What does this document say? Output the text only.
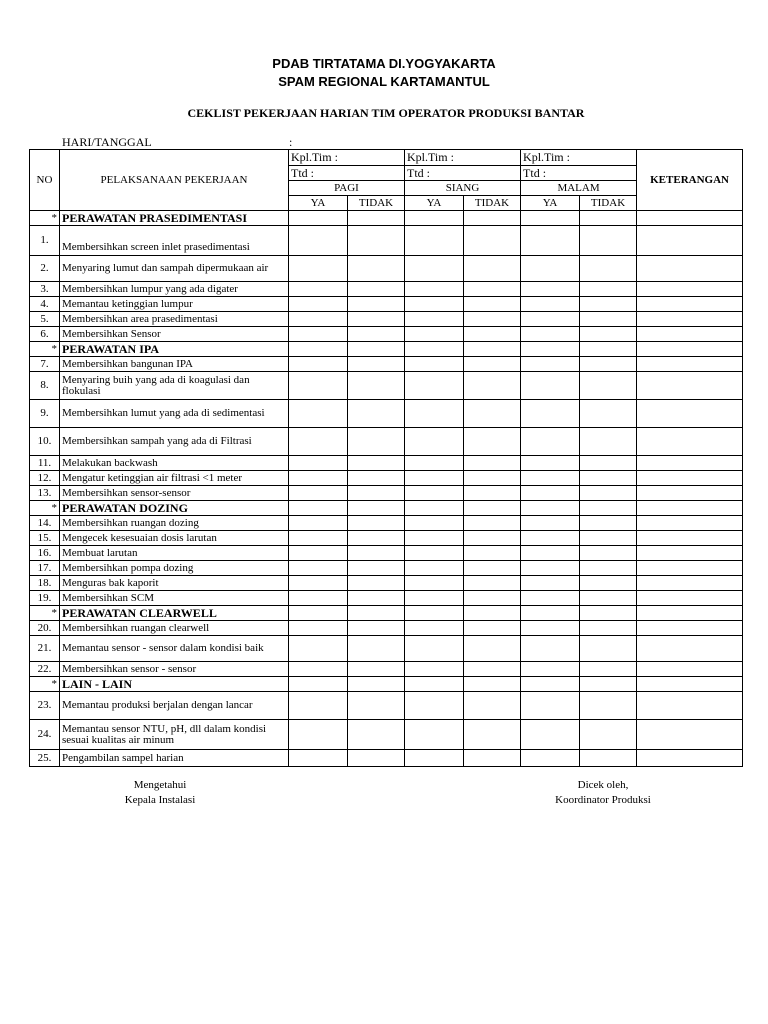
PDAB TIRTATAMA DI.YOGYAKARTA
SPAM REGIONAL KARTAMANTUL
CEKLIST PEKERJAAN HARIAN TIM OPERATOR PRODUKSI BANTAR
HARI/TANGGAL	:
NO	PELAKSANAAN PEKERJAAN	Kpl.Tim :		Kpl.Tim :		Kpl.Tim :		KETERANGAN
		Ttd :		Ttd :		Ttd :		
		PAGI		SIANG		MALAM		
		YA	TIDAK	YA	TIDAK	YA	TIDAK	
*	PERAWATAN PRASEDIMENTASI							
1.	Membersihkan screen inlet prasedimentasi							
2.	Menyaring lumut dan sampah dipermukaan air							
3.	Membersihkan lumpur yang ada digater							
4.	Memantau ketinggian lumpur							
5.	Membersihkan area prasedimentasi							
6.	Membersihkan Sensor							
*	PERAWATAN IPA							
7.	Membersihkan bangunan IPA							
8.	Menyaring buih yang ada di koagulasi dan flokulasi							
9.	Membersihkan lumut yang ada di sedimentasi							
10.	Membersihkan sampah yang ada di Filtrasi							
11.	Melakukan backwash							
12.	Mengatur ketinggian air filtrasi <1 meter							
13.	Membersihkan sensor-sensor							
*	PERAWATAN DOZING							
14.	Membersihkan ruangan dozing							
15.	Mengecek kesesuaian dosis larutan							
16.	Membuat larutan							
17.	Membersihkan pompa dozing							
18.	Menguras bak kaporit							
19.	Membersihkan SCM							
*	PERAWATAN CLEARWELL							
20.	Membersihkan ruangan clearwell							
21.	Memantau sensor - sensor dalam kondisi baik							
22.	Membersihkan sensor - sensor							
*	LAIN - LAIN							
23.	Memantau produksi berjalan dengan lancar							
24.	Memantau sensor NTU, pH, dll dalam kondisi sesuai kualitas air minum							
25.	Pengambilan sampel harian							
Mengetahui
Kepala Instalasi
Dicek oleh,
Koordinator Produksi
